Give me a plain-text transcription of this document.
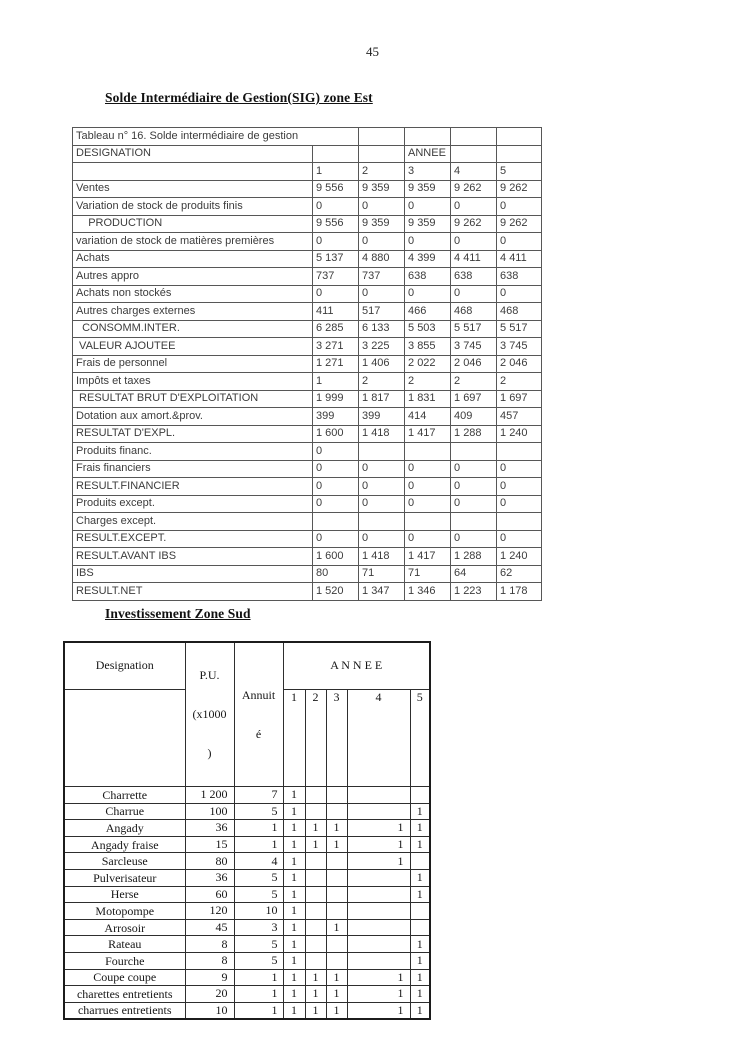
45
Solde Intermédiaire de Gestion(SIG) zone Est
Tableau n° 16. Solde intermédiaire de gestion					
DESIGNATION			ANNEE		
	1	2	3	4	5
Ventes	9 556	9 359	9 359	9 262	9 262
Variation de stock de produits finis	0	0	0	0	0
PRODUCTION	9 556	9 359	9 359	9 262	9 262
variation de stock de matières premières	0	0	0	0	0
Achats	5 137	4 880	4 399	4 411	4 411
Autres appro	737	737	638	638	638
Achats non stockés	0	0	0	0	0
Autres charges externes	411	517	466	468	468
CONSOMM.INTER.	6 285	6 133	5 503	5 517	5 517
VALEUR AJOUTEE	3 271	3 225	3 855	3 745	3 745
Frais de personnel	1 271	1 406	2 022	2 046	2 046
Impôts et taxes	1	2	2	2	2
RESULTAT BRUT D'EXPLOITATION	1 999	1 817	1 831	1 697	1 697
Dotation aux amort.&prov.	399	399	414	409	457
RESULTAT D'EXPL.	1 600	1 418	1 417	1 288	1 240
Produits financ.	0				
Frais financiers	0	0	0	0	0
RESULT.FINANCIER	0	0	0	0	0
Produits except.	0	0	0	0	0
Charges except.					
RESULT.EXCEPT.	0	0	0	0	0
RESULT.AVANT IBS	1 600	1 418	1 417	1 288	1 240
IBS	80	71	71	64	62
RESULT.NET	1 520	1 347	1 346	1 223	1 178
Investissement Zone Sud
Designation	P.U.

(x1000

)	Annuit

é	A N N E E				
			1	2	3	4	5
Charrette	1 200	7	1				
Charrue	100	5	1				1
Angady	36	1	1	1	1	1	1
Angady fraise	15	1	1	1	1	1	1
Sarcleuse	80	4	1			1	
Pulverisateur	36	5	1				1
Herse	60	5	1				1
Motopompe	120	10	1				
Arrosoir	45	3	1		1		
Rateau	8	5	1				1
Fourche	8	5	1				1
Coupe coupe	9	1	1	1	1	1	1
charettes entretients	20	1	1	1	1	1	1
charrues entretients	10	1	1	1	1	1	1
